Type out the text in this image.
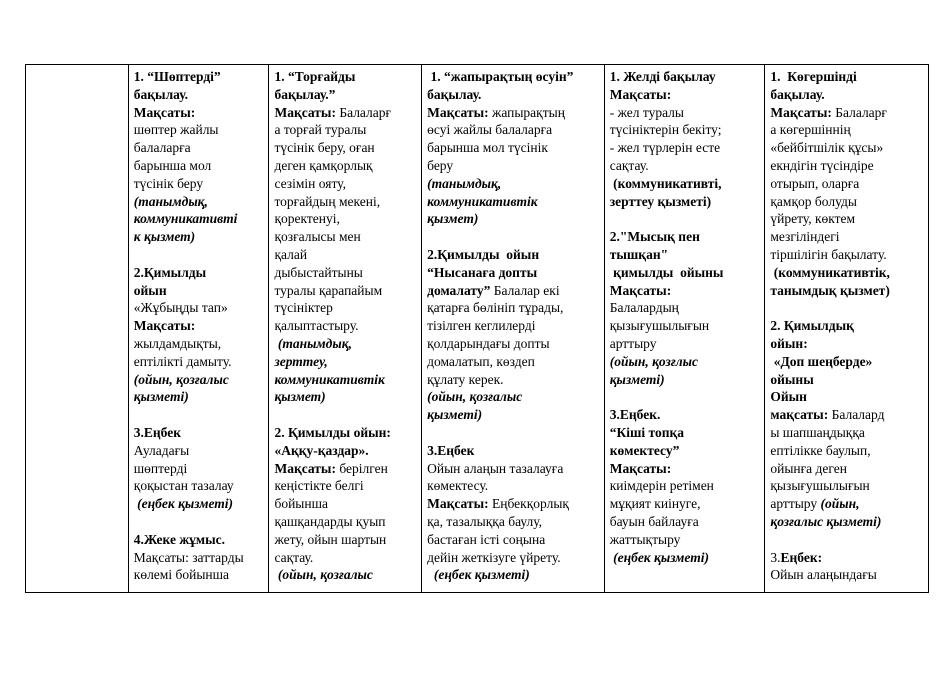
1. “Шөптерді”
бақылау.
Мақсаты:
шөптер жайлы
балаларға
барынша мол
түсінік беру
(танымдық,
коммуникативті
к қызмет)
2.Қимылды
ойын
«Жұбыңды тап»
Мақсаты:
жылдамдықты,
ептілікті дамыту.
(ойын, қозғалыс
қызметі)
3.Еңбек
Ауладағы
шөптерді
қоқыстан тазалау
(еңбек қызметі)
4.Жеке жұмыс.
Мақсаты: заттарды
көлемі бойынша
1. “Торғайды
бақылау.”
Мақсаты: Балаларғ
а торғай туралы
түсінік беру, оған
деген қамқорлық
сезімін ояту,
торғайдың мекені,
қоректенуі,
қозғалысы мен
қалай
дыбыстайтыны
туралы қарапайым
түсініктер
қалыптастыру.
(танымдық,
зерттеу,
коммуникативтік
қызмет)
2. Қимылды ойын:
«Аққу-қаздар».
Мақсаты: берілген
кеңістікте белгі
бойынша
қашқандарды қуып
жету, ойын шартын
сақтау.
(ойын, қозғалыс
1. “жапырақтың өсуін”
бақылау.
Мақсаты: жапырақтың
өсуі жайлы балаларға
барынша мол түсінік
беру
(танымдық,
коммуникативтік
қызмет)
2.Қимылды  ойын
“Нысанаға допты
домалату” Балалар екі
қатарға бөлініп тұрады,
тізілген кеглилерді
қолдарындағы допты
домалатып, көздеп
құлату керек.
(ойын, қозғалыс
қызметі)
3.Еңбек
Ойын алаңын тазалауға
көмектесу.
Мақсаты: Еңбекқорлық
қа, тазалыққа баулу,
бастаған істі соңына
дейін жеткізуге үйрету.
(еңбек қызметі)
1. Желді бақылау
Мақсаты:
- жел туралы
түсініктерін бекіту;
- жел түрлерін есте
сақтау.
(коммуникативті,
зерттеу қызметі)
2."Мысық пен
тышқан"
қимылды  ойыны
Мақсаты:
Балалардың
қызығушылығын
арттыру
(ойын, қозғлыс
қызметі)
3.Еңбек.
“Кіші топқа
көмектесу”
Мақсаты:
киімдерін ретімен
мұқият киінуге,
бауын байлауға
жаттықтыру
(еңбек қызметі)
1.  Көгершінді
бақылау.
Мақсаты: Балаларғ
а көгершіннің
«бейбітшілік құсы»
екндігін түсіндіре
отырып, оларға
қамқор болуды
үйрету, көктем
мезгіліндегі
тіршілігін бақылату.
(коммуникативтік,
танымдық қызмет)
2. Қимылдық
ойын:
«Доп шеңберде»
ойыны
Ойын
мақсаты: Балалард
ы шапшаңдыққа
ептілікке баулып,
ойынға деген
қызығушылығын
арттыру (ойын,
қозғалыс қызметі)
3.Еңбек:
Ойын алаңындағы
